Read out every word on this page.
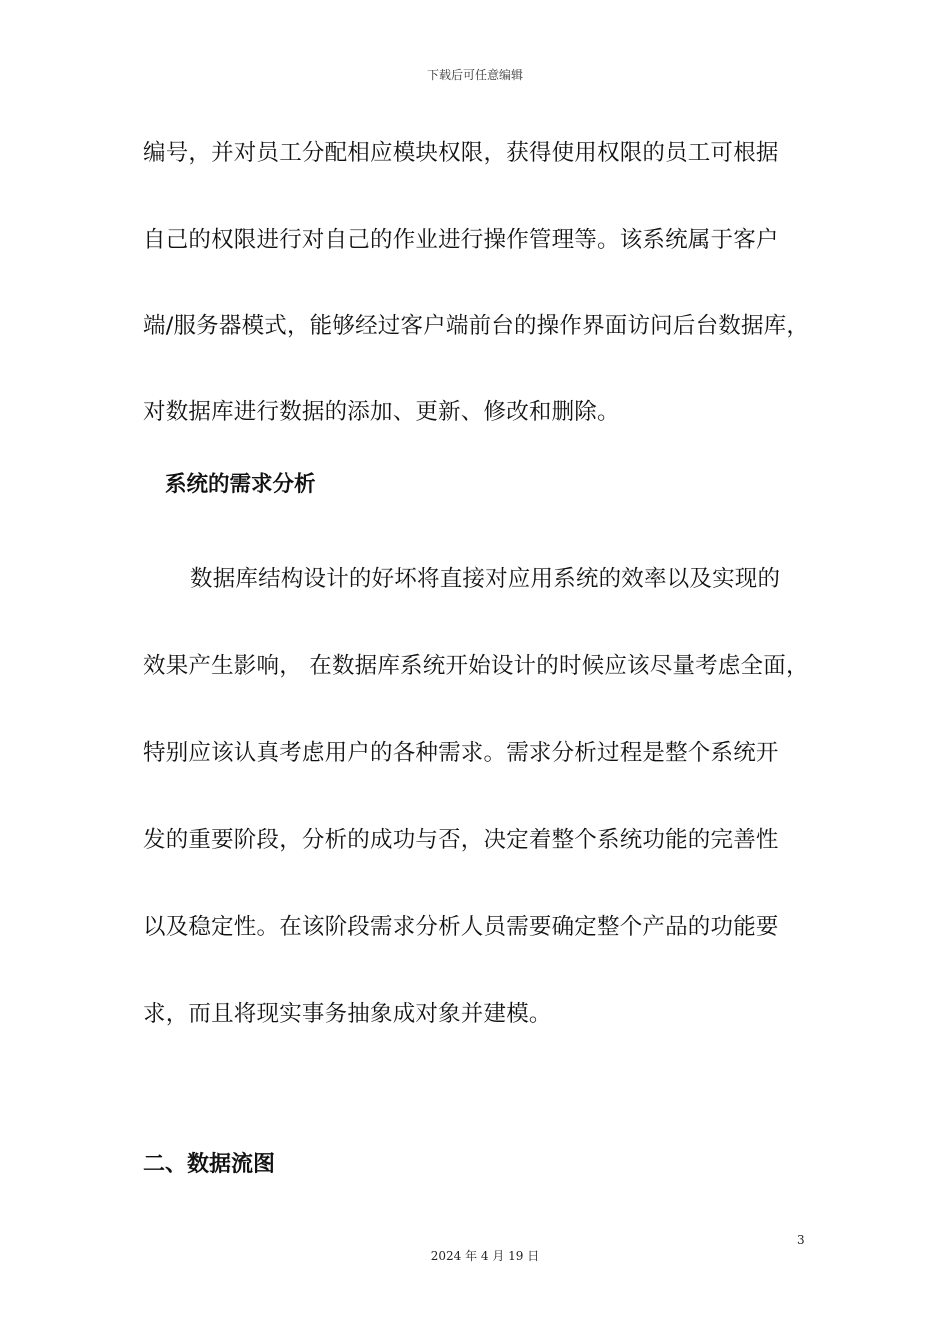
下载后可任意编辑
编号，并对员工分配相应模块权限，获得使用权限的员工可根据
自己的权限进行对自己的作业进行操作管理等。该系统属于客户
端/服务器模式，能够经过客户端前台的操作界面访问后台数据库，
对数据库进行数据的添加、更新、修改和删除。
系统的需求分析
数据库结构设计的好坏将直接对应用系统的效率以及实现的
效果产生影响， 在数据库系统开始设计的时候应该尽量考虑全面，
特别应该认真考虑用户的各种需求。需求分析过程是整个系统开
发的重要阶段，分析的成功与否，决定着整个系统功能的完善性
以及稳定性。在该阶段需求分析人员需要确定整个产品的功能要
求，而且将现实事务抽象成对象并建模。
二、数据流图
3
2024 年 4 月 19 日
